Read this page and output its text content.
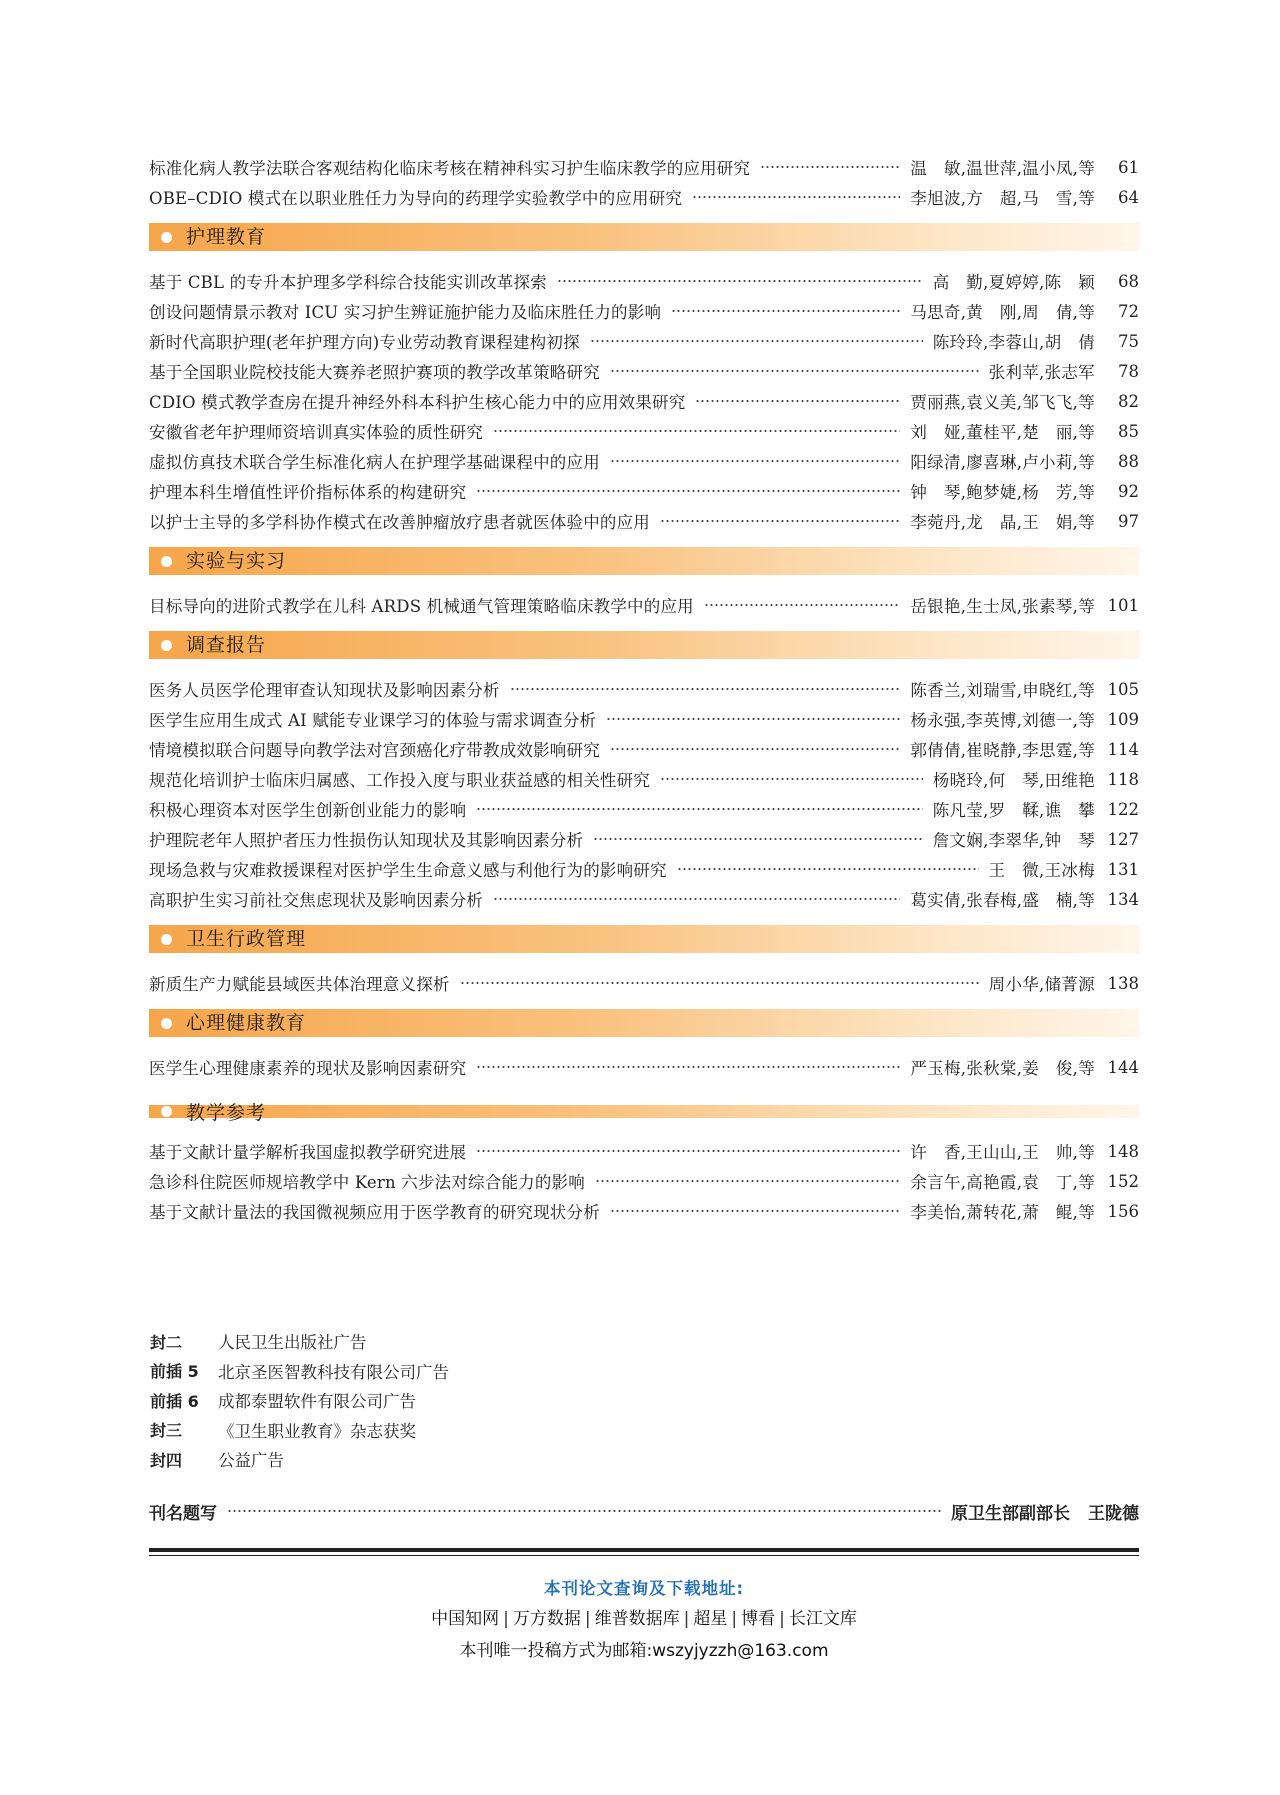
标准化病人教学法联合客观结构化临床考核在精神科实习护生临床教学的应用研究	温　敏,温世萍,温小凤,等	61
OBE–CDIO 模式在以职业胜任力为导向的药理学实验教学中的应用研究	李旭波,方　超,马　雪,等	64
护理教育
基于 CBL 的专升本护理多学科综合技能实训改革探索	高　勤,夏婷婷,陈　颖	68
创设问题情景示教对 ICU 实习护生辨证施护能力及临床胜任力的影响	马思奇,黄　刚,周　倩,等	72
新时代高职护理(老年护理方向)专业劳动教育课程建构初探	陈玲玲,李蓉山,胡　倩	75
基于全国职业院校技能大赛养老照护赛项的教学改革策略研究	张利苹,张志军	78
CDIO 模式教学查房在提升神经外科本科护生核心能力中的应用效果研究	贾丽燕,袁义美,邹飞飞,等	82
安徽省老年护理师资培训真实体验的质性研究	刘　娅,董桂平,楚　丽,等	85
虚拟仿真技术联合学生标准化病人在护理学基础课程中的应用	阳绿清,廖喜琳,卢小莉,等	88
护理本科生增值性评价指标体系的构建研究	钟　琴,鲍梦婕,杨　芳,等	92
以护士主导的多学科协作模式在改善肿瘤放疗患者就医体验中的应用	李菀丹,龙　晶,王　娟,等	97
实验与实习
目标导向的进阶式教学在儿科 ARDS 机械通气管理策略临床教学中的应用	岳银艳,生士凤,张素琴,等 101
调查报告
医务人员医学伦理审查认知现状及影响因素分析	陈香兰,刘瑞雪,申晓红,等 105
医学生应用生成式 AI 赋能专业课学习的体验与需求调查分析	杨永强,李英博,刘德一,等 109
情境模拟联合问题导向教学法对宫颈癌化疗带教成效影响研究	郭倩倩,崔晓静,李思霆,等 114
规范化培训护士临床归属感、工作投入度与职业获益感的相关性研究	杨晓玲,何　琴,田维艳 118
积极心理资本对医学生创新创业能力的影响	陈凡莹,罗　鞣,谯　攀 122
护理院老年人照护者压力性损伤认知现状及其影响因素分析	詹文娴,李翠华,钟　琴 127
现场急救与灾难救援课程对医护学生生命意义感与利他行为的影响研究	王　微,王冰梅 131
高职护生实习前社交焦虑现状及影响因素分析	葛实倩,张春梅,盛　楠,等 134
卫生行政管理
新质生产力赋能县域医共体治理意义探析	周小华,储菁源 138
心理健康教育
医学生心理健康素养的现状及影响因素研究	严玉梅,张秋棠,姜　俊,等 144
教学参考
基于文献计量学解析我国虚拟教学研究进展	许　香,王山山,王　帅,等 148
急诊科住院医师规培教学中 Kern 六步法对综合能力的影响	余言午,高艳霞,袁　丁,等 152
基于文献计量法的我国微视频应用于医学教育的研究现状分析	李美怡,萧转花,萧　鲲,等 156
封二	人民卫生出版社广告
前插 5	北京圣医智教科技有限公司广告
前插 6	成都泰盟软件有限公司广告
封三	《卫生职业教育》杂志获奖
封四	公益广告
刊名题写	原卫生部副部长 王陇德
本刊论文查询及下载地址:
中国知网 | 万方数据 | 维普数据库 | 超星 | 博看 | 长江文库
本刊唯一投稿方式为邮箱:wszyjyzzh@163.com
